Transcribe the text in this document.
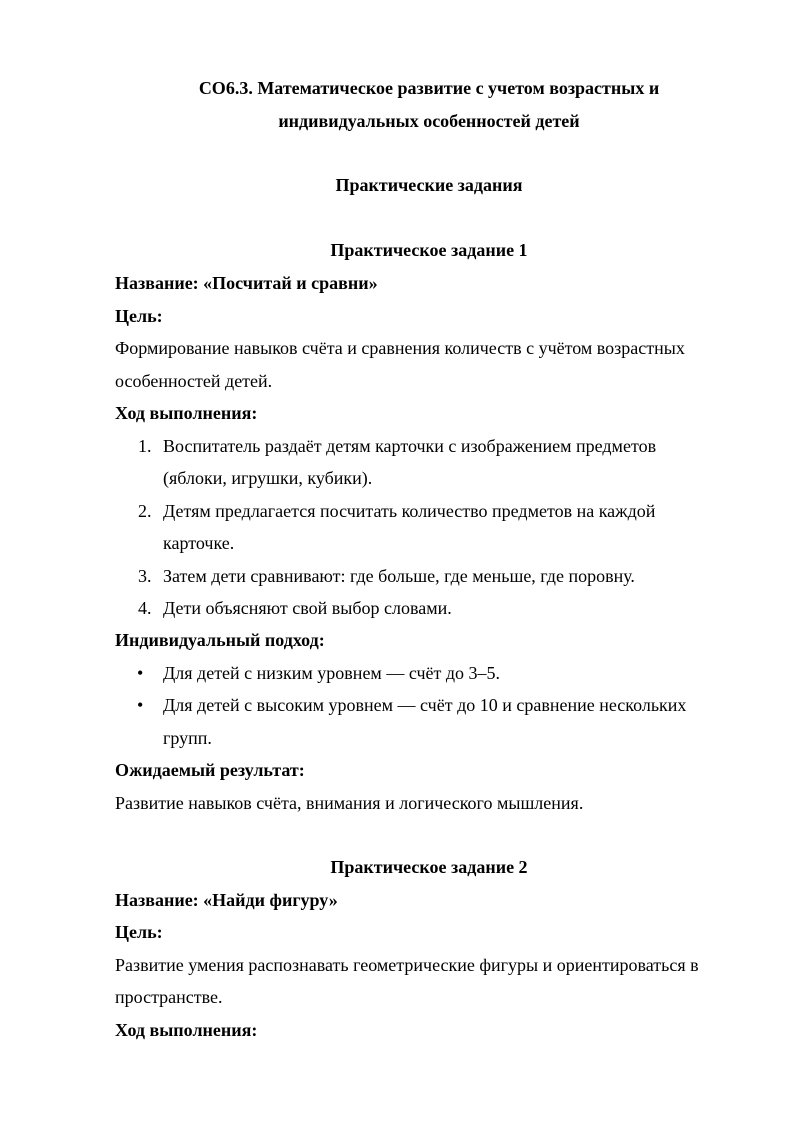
СО6.3. Математическое развитие с учетом возрастных и
индивидуальных особенностей детей
Практические задания
Практическое задание 1
Название: «Посчитай и сравни»
Цель:
Формирование навыков счёта и сравнения количеств с учётом возрастных
особенностей детей.
Ход выполнения:
1. Воспитатель раздаёт детям карточки с изображением предметов
(яблоки, игрушки, кубики).
2. Детям предлагается посчитать количество предметов на каждой
карточке.
3. Затем дети сравнивают: где больше, где меньше, где поровну.
4. Дети объясняют свой выбор словами.
Индивидуальный подход:
• Для детей с низким уровнем — счёт до 3–5.
• Для детей с высоким уровнем — счёт до 10 и сравнение нескольких
групп.
Ожидаемый результат:
Развитие навыков счёта, внимания и логического мышления.
Практическое задание 2
Название: «Найди фигуру»
Цель:
Развитие умения распознавать геометрические фигуры и ориентироваться в
пространстве.
Ход выполнения:
